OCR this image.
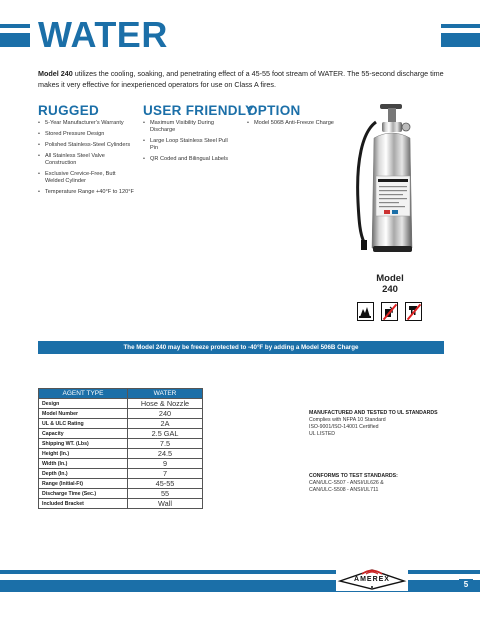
WATER
Model 240 utilizes the cooling, soaking, and penetrating effect of a 45-55 foot stream of WATER. The 55-second discharge time makes it very effective for inexperienced operators for use on Class A fires.
RUGGED	USER FRIENDLY
OPTION
• 5-Year Manufacturer's Warranty
• Stored Pressure Design
• Polished Stainless-Steel Cylinders
• All Stainless Steel Valve Construction
• Exclusive Crevice-Free, Butt Welded Cylinder
• Temperature Range +40°F to 120°F
• Maximum Visibility During Discharge
• Large Loop Stainless Steel Pull Pin
• QR Coded and Bilingual Labels
• Model 506B Anti-Freeze Charge
Model
240
The Model 240 may be freeze protected to -40°F by adding a Model 506B Charge
AGENT TYPE	WATER
Design	Hose & Nozzle
Model Number	240
UL & ULC Rating	2A
Capacity	2.5 GAL
Shipping WT. (Lbs)	7.5
Height (In.)	24.5
Width (In.)	9
Depth (In.)	7
Range (Initial-Ft)	45-55
Discharge Time (Sec.)	55
Included Bracket	Wall
MANUFACTURED AND TESTED TO UL STANDARDS
Complies with NFPA 10 Standard
ISO-9001/ISO-14001 Certified
UL LISTED
CONFORMS TO TEST STANDARDS:
CAN/ULC-S507 - ANSI/UL626 &
CAN/ULC-S508 - ANSI/UL711
AMEREX
5
